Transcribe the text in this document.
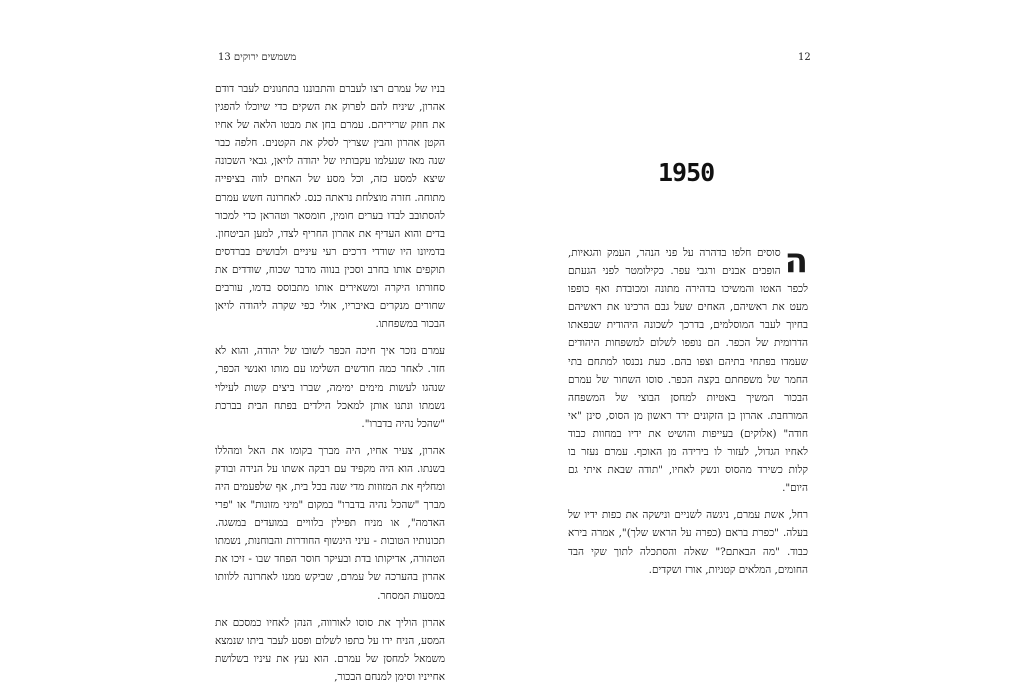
משמשים ירוקים 13

בניו של עמרם רצו לעברם והתבוננו בתחנונים לעבר דודם אהרון, שיניח להם לפרוק את השקים כדי שיוכלו להפגין את חוזק שריריהם. עמרם בחן את מבטו הלאה של אחיו הקטן אהרון והבין שצריך לסלק את הקטנים. חלפה כבר שנה מאז שנעלמו עקבותיו של יהודה לויאן, גבאי השכונה שיצא למסע כזה, וכל מסע של האחים לווה בציפייה מתוחה. חזרה מוצלחת נראתה כנס. לאחרונה חשש עמרם להסתובב לבדו בערים חומין, חומסאר וטהראן כדי למכור בדים והוא העדיף את אהרון החריף לצדו, למען הביטחון. בדמיונו היו שודדי דרכים רעי עיניים ולבושים בברדסים תוקפים אותו בחרב וסכין בנווה מדבר שכוח, שודדים את סחורתו היקרה ומשאירים אותו מתבוסס בדמו, עורבים שחורים מנקרים באיבריו, אולי כפי שקרה ליהודה לויאן הבכור במשפחתו.

עמרם נזכר איך חיכה הכפר לשובו של יהודה, והוא לא חזר. לאחר כמה חודשים השלימו עם מותו ואנשי הכפר, שנהגו לעשות מימים ימימה, שברו ביצים קשות לעילוי נשמתו ונתנו אותן למאכל הילדים בפתח הבית בברכת "שהכל נהיה בדברו".

אהרון, צעיר אחיו, היה מברך בקומו את האל ומהללו בשנתו. הוא היה מקפיד עם רבקה אשתו על הנידה ובודק ומחליף את המזוזות מדי שנה בכל בית, אף שלפעמים היה מברך "שהכל נהיה בדברו" במקום "מיני מזונות" או "פרי האדמה", או מניח תפילין בלוויים במועדים במשגה. תכונותיו הטובות - עיני הינשוף החודרות והבוחנות, נשמתו הטהורה, אדיקותו בדת ובעיקר חוסר הפחד שבו - זיכו את אהרון בהערכה של עמרם, שביקש ממנו לאחרונה ללוותו במסעות המסחר.

אהרון הוליך את סוסו לאורווה, הנהן לאחיו כמסכם את המסע, הניח ידו על כתפו לשלום ופסע לעבר ביתו שנמצא משמאל למחסן של עמרם. הוא נעץ את עיניו בשלושת אחייניו וסימן למנחם הבכור,

12
1950

ה
סוסים חלפו בדהרה על פני הנהר, העמק והגאיות, הופכים אבנים ורגבי עפר. כקילומטר לפני הגעתם לכפר האטו והמשיכו בדהירה מתונה ומכובדת ואף כופפו מעט את ראשיהם, האחים שעל גבם הרכינו את ראשיהם בחיוך לעבר המוסלמים, בדרכך לשכונה היהודית שבפאתו הדרומית של הכפר. הם נופפו לשלום למשפחות היהודים שעמדו בפתחי בתיהם וצפו בהם. כעת נכנסו למתחם בתי החמר של משפחתם בקצה הכפר. סוסו השחור של עמרם הבכור המשיך באטיות למחסן הבוצי של המשפחה המורחבת. אהרון בן הזקונים ירד ראשון מן הסוס, סינן "אי חודה" (אלוקים) בעייפות והושיט את ידיו במחוות כבוד לאחיו הגדול, לעזור לו בירידה מן האוכף. עמרם נעזר בו קלות כשירד מהסוס ונשק לאחיו, "תודה שבאת איתי גם היום".

רחל, אשת עמרם, ניגשה לשניים ונישקה את כפות ידיו של בעלה. "כפרת בראם (כפרה על הראש שלך)", אמרה בירא כבוד. "מה הבאתם?" שאלה והסתכלה לתוך שקי הבד החומים, המלאים קטניות, אורז ושקדים.
